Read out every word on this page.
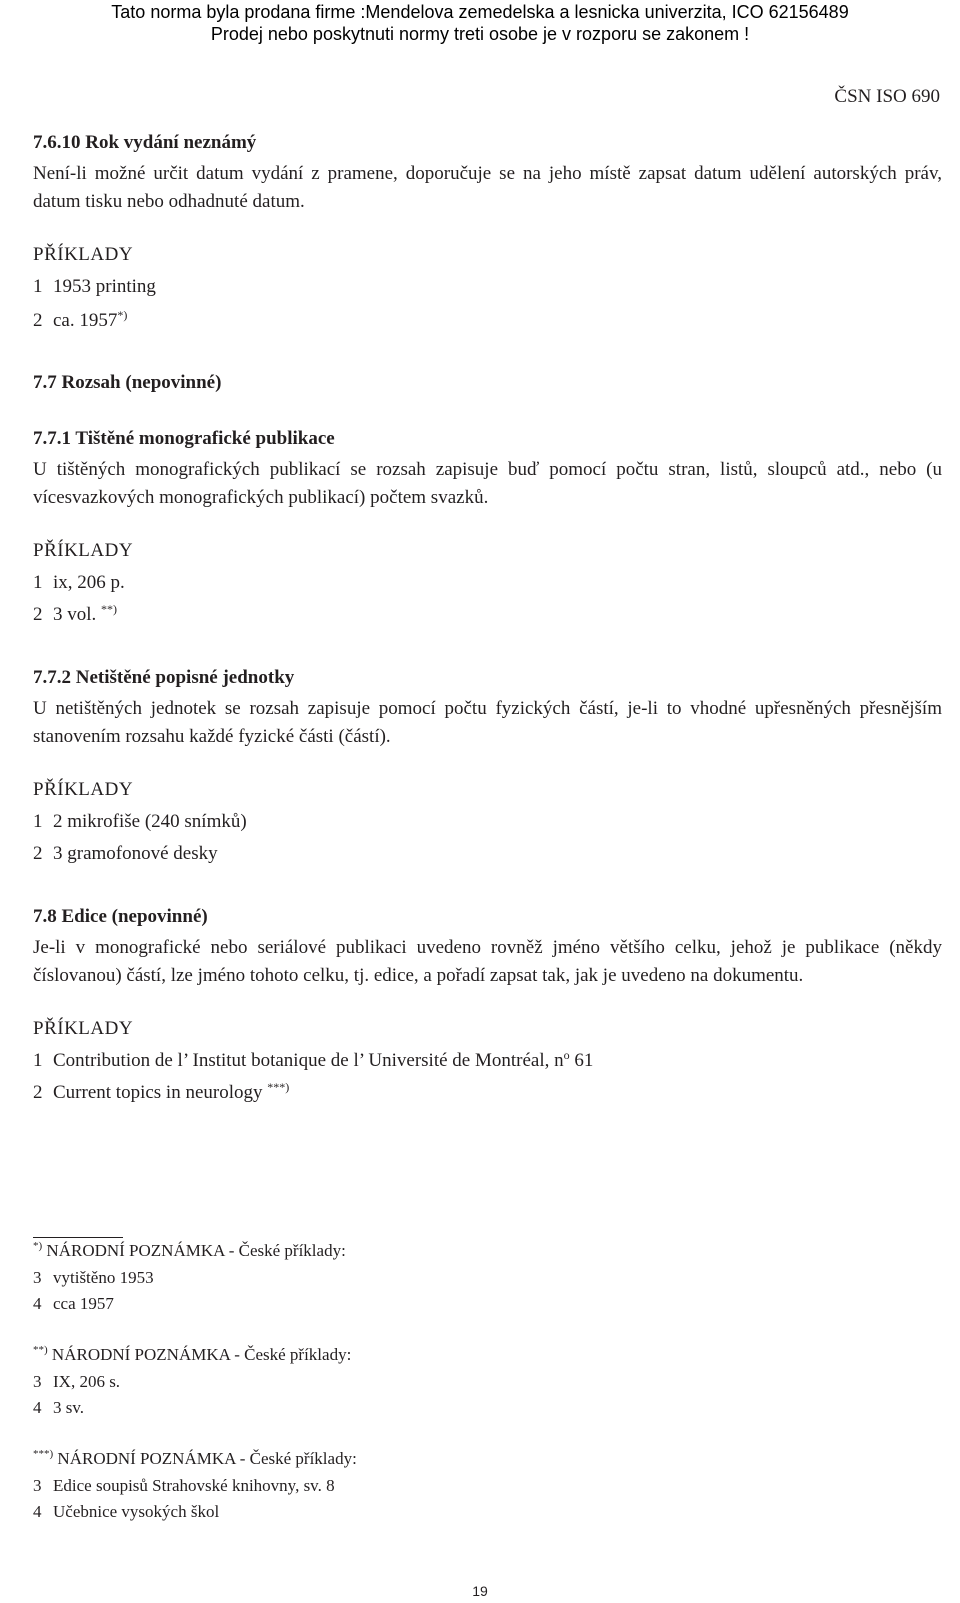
Tato norma byla prodana firme :Mendelova zemedelska a lesnicka univerzita, ICO 62156489
Prodej nebo poskytnuti normy treti osobe je v rozporu se zakonem !
ČSN ISO 690
7.6.10 Rok vydání neznámý
Není-li možné určit datum vydání z pramene, doporučuje se na jeho místě zapsat datum udělení autorských práv, datum tisku nebo odhadnuté datum.
PŘÍKLADY
1 1953 printing
2 ca. 1957*)
7.7 Rozsah (nepovinné)
7.7.1 Tištěné monografické publikace
U tištěných monografických publikací se rozsah zapisuje buď pomocí počtu stran, listů, sloupců atd., nebo (u vícesvazkových monografických publikací) počtem svazků.
PŘÍKLADY
1 ix, 206 p.
2 3 vol. **)
7.7.2 Netištěné popisné jednotky
U netištěných jednotek se rozsah zapisuje pomocí počtu fyzických částí, je-li to vhodné upřesněných přesnějším stanovením rozsahu každé fyzické části (částí).
PŘÍKLADY
1 2 mikrofiše (240 snímků)
2 3 gramofonové desky
7.8 Edice (nepovinné)
Je-li v monografické nebo seriálové publikaci uvedeno rovněž jméno většího celku, jehož je publikace (někdy číslovanou) částí, lze jméno tohoto celku, tj. edice, a pořadí zapsat tak, jak je uvedeno na dokumentu.
PŘÍKLADY
1 Contribution de l’ Institut botanique de l’ Université de Montréal, $n^o$ 61
2 Current topics in neurology ***)
*) NÁRODNÍ POZNÁMKA - České příklady:
3 vytištěno 1953
4 cca 1957
**) NÁRODNÍ POZNÁMKA - České příklady:
3 IX, 206 s.
4 3 sv.
***) NÁRODNÍ POZNÁMKA - České příklady:
3 Edice soupisů Strahovské knihovny, sv. 8
4 Učebnice vysokých škol
19
